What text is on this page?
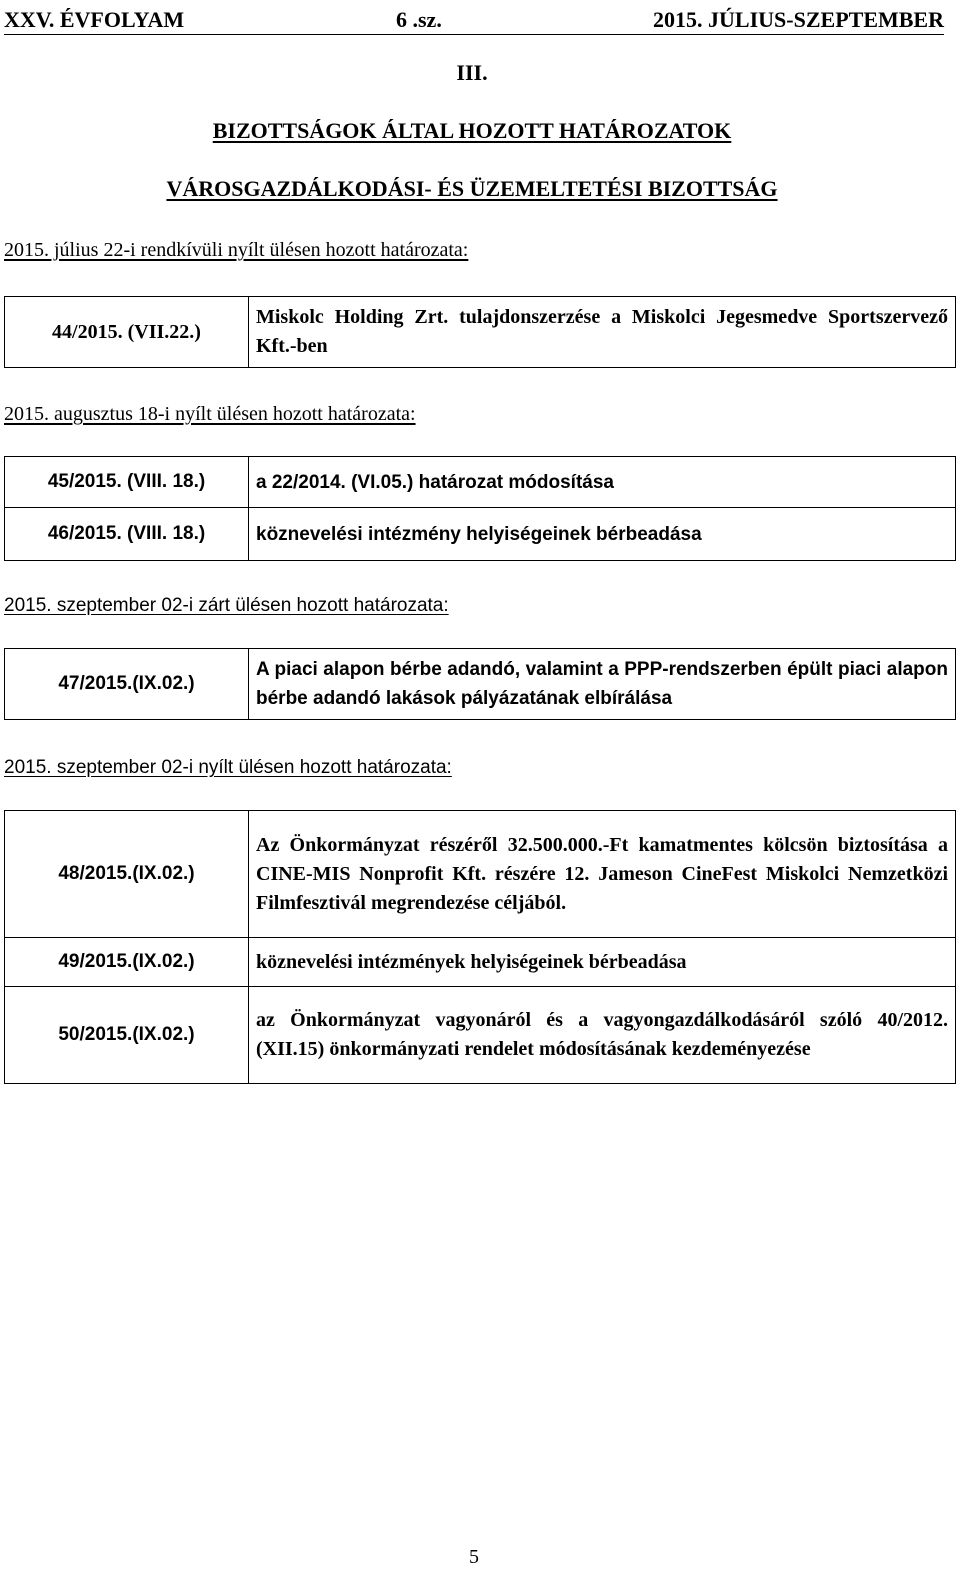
XXV. ÉVFOLYAM	6 .sz.	2015. JÚLIUS-SZEPTEMBER
III.
BIZOTTSÁGOK ÁLTAL HOZOTT HATÁROZATOK
VÁROSGAZDÁLKODÁSI- ÉS ÜZEMELTETÉSI BIZOTTSÁG
2015. július 22-i rendkívüli nyílt ülésen hozott határozata:
44/2015. (VII.22.)	Miskolc Holding Zrt. tulajdonszerzése a Miskolci Jegesmedve Sportszervező Kft.-ben
2015. augusztus 18-i nyílt ülésen hozott határozata:
45/2015. (VIII. 18.)	a 22/2014. (VI.05.) határozat módosítása
46/2015. (VIII. 18.)	köznevelési intézmény helyiségeinek bérbeadása
2015. szeptember 02-i zárt ülésen hozott határozata:
47/2015.(IX.02.)	A piaci alapon bérbe adandó, valamint a PPP-rendszerben épült piaci alapon bérbe adandó lakások pályázatának elbírálása
2015. szeptember 02-i nyílt ülésen hozott határozata:
48/2015.(IX.02.)	Az Önkormányzat részéről 32.500.000.-Ft kamatmentes kölcsön biztosítása a CINE-MIS Nonprofit Kft. részére 12. Jameson CineFest Miskolci Nemzetközi Filmfesztivál megrendezése céljából.
49/2015.(IX.02.)	köznevelési intézmények helyiségeinek bérbeadása
50/2015.(IX.02.)	az Önkormányzat vagyonáról és a vagyongazdálkodásáról szóló 40/2012. (XII.15) önkormányzati rendelet módosításának kezdeményezése
5
